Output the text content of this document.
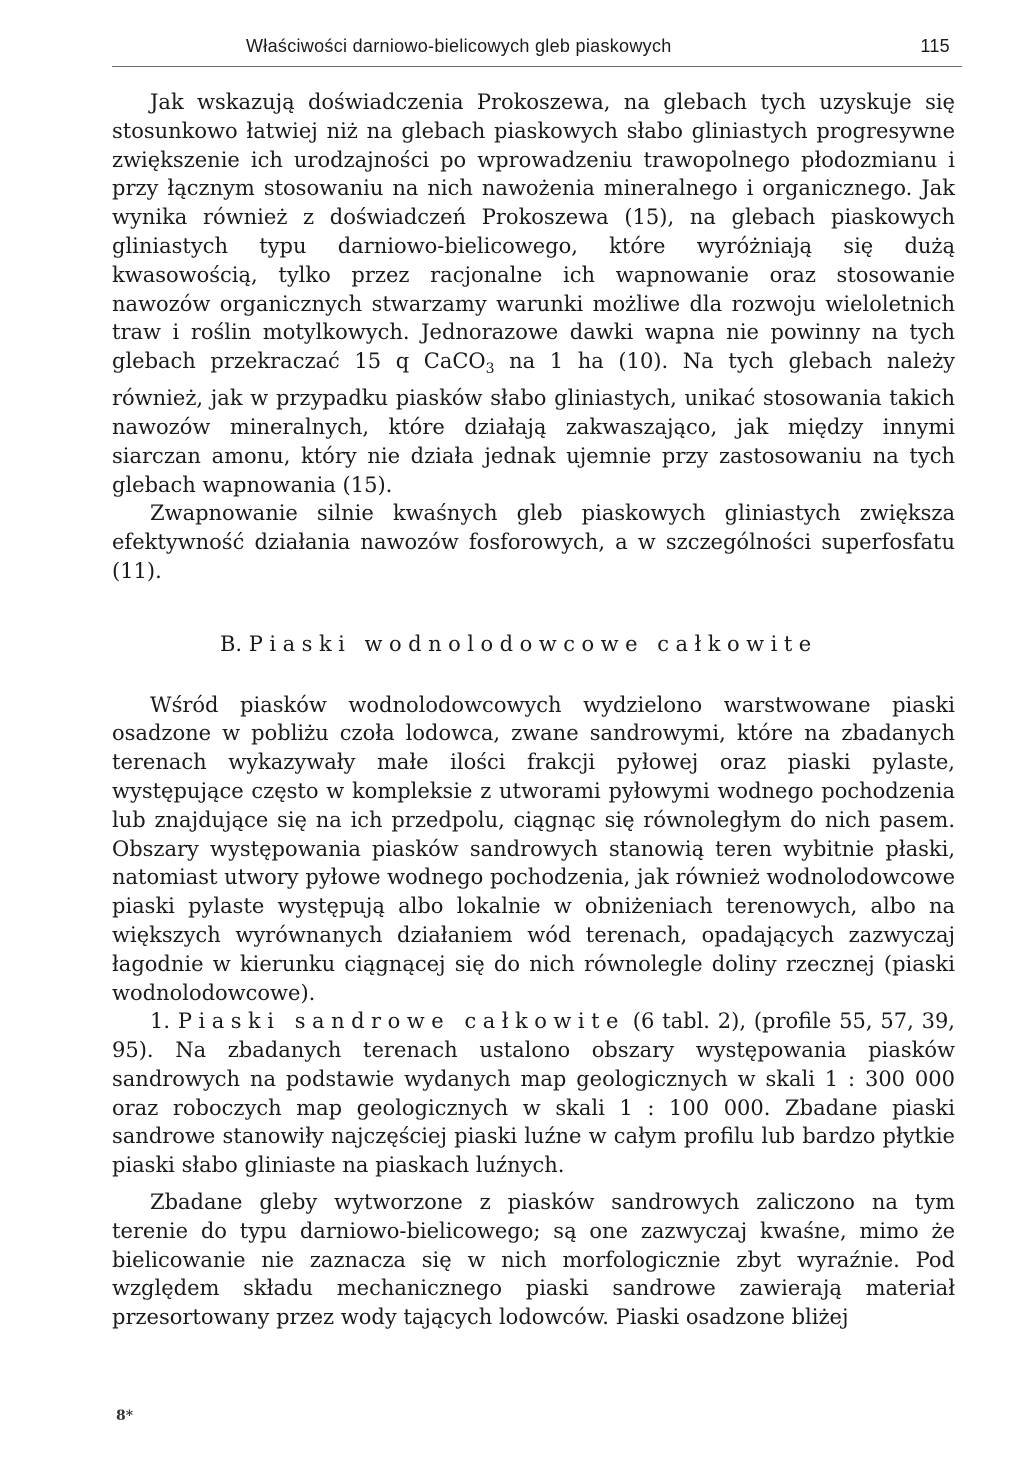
Właściwości darniowo-bielicowych gleb piaskowych	115

Jak wskazują doświadczenia Prokoszewa, na glebach tych uzyskuje się stosunkowo łatwiej niż na glebach piaskowych słabo gliniastych progresywne zwiększenie ich urodzajności po wprowadzeniu trawopolnego płodozmianu i przy łącznym stosowaniu na nich nawożenia mineralnego i organicznego. Jak wynika również z doświadczeń Prokoszewa (15), na glebach piaskowych gliniastych typu darniowo-bielicowego, które wyróżniają się dużą kwasowością, tylko przez racjonalne ich wapnowanie oraz stosowanie nawozów organicznych stwarzamy warunki możliwe dla rozwoju wieloletnich traw i roślin motylkowych. Jednorazowe dawki wapna nie powinny na tych glebach przekraczać 15 q CaCO$_3$ na 1 ha (10). Na tych glebach należy również, jak w przypadku piasków słabo gliniastych, unikać stosowania takich nawozów mineralnych, które działają zakwaszająco, jak między innymi siarczan amonu, który nie działa jednak ujemnie przy zastosowaniu na tych glebach wapnowania (15).

Zwapnowanie silnie kwaśnych gleb piaskowych gliniastych zwiększa efektywność działania nawozów fosforowych, a w szczególności superfosfatu (11).

B. Piaski wodnolodowcowe całkowite

Wśród piasków wodnolodowcowych wydzielono warstwowane piaski osadzone w pobliżu czoła lodowca, zwane sandrowymi, które na zbadanych terenach wykazywały małe ilości frakcji pyłowej oraz piaski pylaste, występujące często w kompleksie z utworami pyłowymi wodnego pochodzenia lub znajdujące się na ich przedpolu, ciągnąc się równoległym do nich pasem. Obszary występowania piasków sandrowych stanowią teren wybitnie płaski, natomiast utwory pyłowe wodnego pochodzenia, jak również wodnolodowcowe piaski pylaste występują albo lokalnie w obniżeniach terenowych, albo na większych wyrównanych działaniem wód terenach, opadających zazwyczaj łagodnie w kierunku ciągnącej się do nich równolegle doliny rzecznej (piaski wodnolodowcowe).

1. Piaski sandrowe całkowite (6 tabl. 2), (profile 55, 57, 39, 95). Na zbadanych terenach ustalono obszary występowania piasków sandrowych na podstawie wydanych map geologicznych w skali 1 : 300 000 oraz roboczych map geologicznych w skali 1 : 100 000. Zbadane piaski sandrowe stanowiły najczęściej piaski luźne w całym profilu lub bardzo płytkie piaski słabo gliniaste na piaskach luźnych.

Zbadane gleby wytworzone z piasków sandrowych zaliczono na tym terenie do typu darniowo-bielicowego; są one zazwyczaj kwaśne, mimo że bielicowanie nie zaznacza się w nich morfologicznie zbyt wyraźnie. Pod względem składu mechanicznego piaski sandrowe zawierają materiał przesortowany przez wody tających lodowców. Piaski osadzone bliżej

8*
